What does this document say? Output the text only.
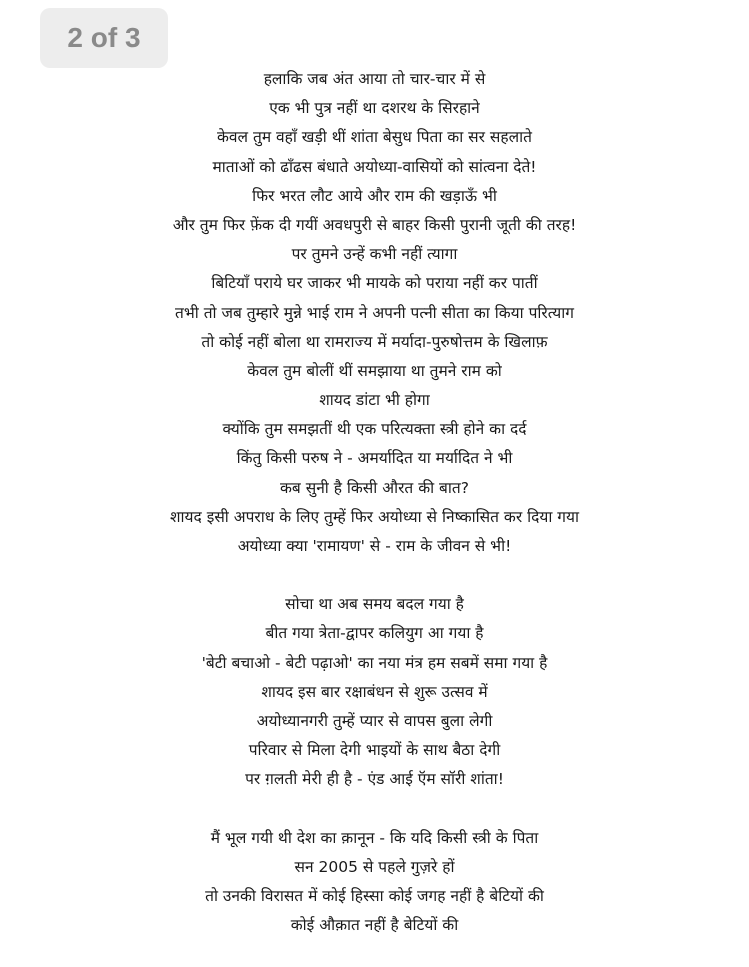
2 of 3
हलाकि जब अंत आया तो चार-चार में से
एक भी पुत्र नहीं था दशरथ के सिरहाने
केवल तुम वहाँ खड़ी थीं शांता बेसुध पिता का सर सहलाते
माताओं को ढाँढस बंधाते अयोध्या-वासियों को सांत्वना देते!
फिर भरत लौट आये और राम की खड़ाऊँ भी
और तुम फिर फ़ेंक दी गयीं अवधपुरी से बाहर किसी पुरानी जूती की तरह!
पर तुमने उन्हें कभी नहीं त्यागा
बिटियाँ पराये घर जाकर भी मायके को पराया नहीं कर पातीं
तभी तो जब तुम्हारे मुन्ने भाई राम ने अपनी पत्नी सीता का किया परित्याग
तो कोई नहीं बोला था रामराज्य में मर्यादा-पुरुषोत्तम के खिलाफ़
केवल तुम बोलीं थीं समझाया था तुमने राम को
शायद डांटा भी होगा
क्योंकि तुम समझतीं थी एक परित्यक्ता स्त्री होने का दर्द
किंतु किसी परुष ने - अमर्यादित या मर्यादित ने भी
कब सुनी है किसी औरत की बात?
शायद इसी अपराध के लिए तुम्हें फिर अयोध्या से निष्कासित कर दिया गया
अयोध्या क्या 'रामायण' से - राम के जीवन से भी!
सोचा था अब समय बदल गया है
बीत गया त्रेता-द्वापर कलियुग आ गया है
'बेटी बचाओ - बेटी पढ़ाओ' का नया मंत्र हम सबमें समा गया है
शायद इस बार रक्षाबंधन से शुरू उत्सव में
अयोध्यानगरी तुम्हें प्यार से वापस बुला लेगी
परिवार से मिला देगी भाइयों के साथ बैठा देगी
पर ग़लती मेरी ही है - एंड आई ऍम सॉरी शांता!
मैं भूल गयी थी देश का क़ानून - कि यदि किसी स्त्री के पिता
सन 2005 से पहले गुज़रे हों
तो उनकी विरासत में कोई हिस्सा कोई जगह नहीं है बेटियों की
कोई औक़ात नहीं है बेटियों की
